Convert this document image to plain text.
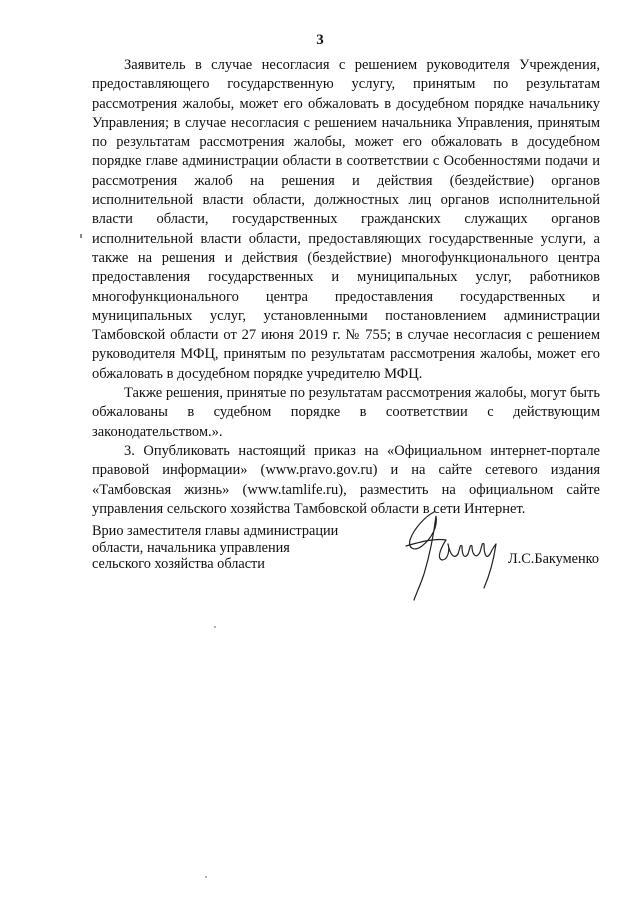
3

Заявитель в случае несогласия с решением руководителя Учреждения, предоставляющего государственную услугу, принятым по результатам рассмотрения жалобы, может его обжаловать в досудебном порядке начальнику Управления; в случае несогласия с решением начальника Управления, принятым по результатам рассмотрения жалобы, может его обжаловать в досудебном порядке главе администрации области в соответствии с Особенностями подачи и рассмотрения жалоб на решения и действия (бездействие) органов исполнительной власти области, должностных лиц органов исполнительной власти области, государственных гражданских служащих органов исполнительной власти области, предоставляющих государственные услуги, а также на решения и действия (бездействие) многофункционального центра предоставления государственных и муниципальных услуг, работников многофункционального центра предоставления государственных и муниципальных услуг, установленными постановлением администрации Тамбовской области от 27 июня 2019 г. № 755; в случае несогласия с решением руководителя МФЦ, принятым по результатам рассмотрения жалобы, может его обжаловать в досудебном порядке учредителю МФЦ.

Также решения, принятые по результатам рассмотрения жалобы, могут быть обжалованы в судебном порядке в соответствии с действующим законодательством.».

3. Опубликовать настоящий приказ на «Официальном интернет-портале правовой информации» (www.pravo.gov.ru) и на сайте сетевого издания «Тамбовская жизнь» (www.tamlife.ru), разместить на официальном сайте управления сельского хозяйства Тамбовской области в сети Интернет.

Врио заместителя главы администрации
области, начальника управления
сельского хозяйства области	Л.С.Бакуменко
